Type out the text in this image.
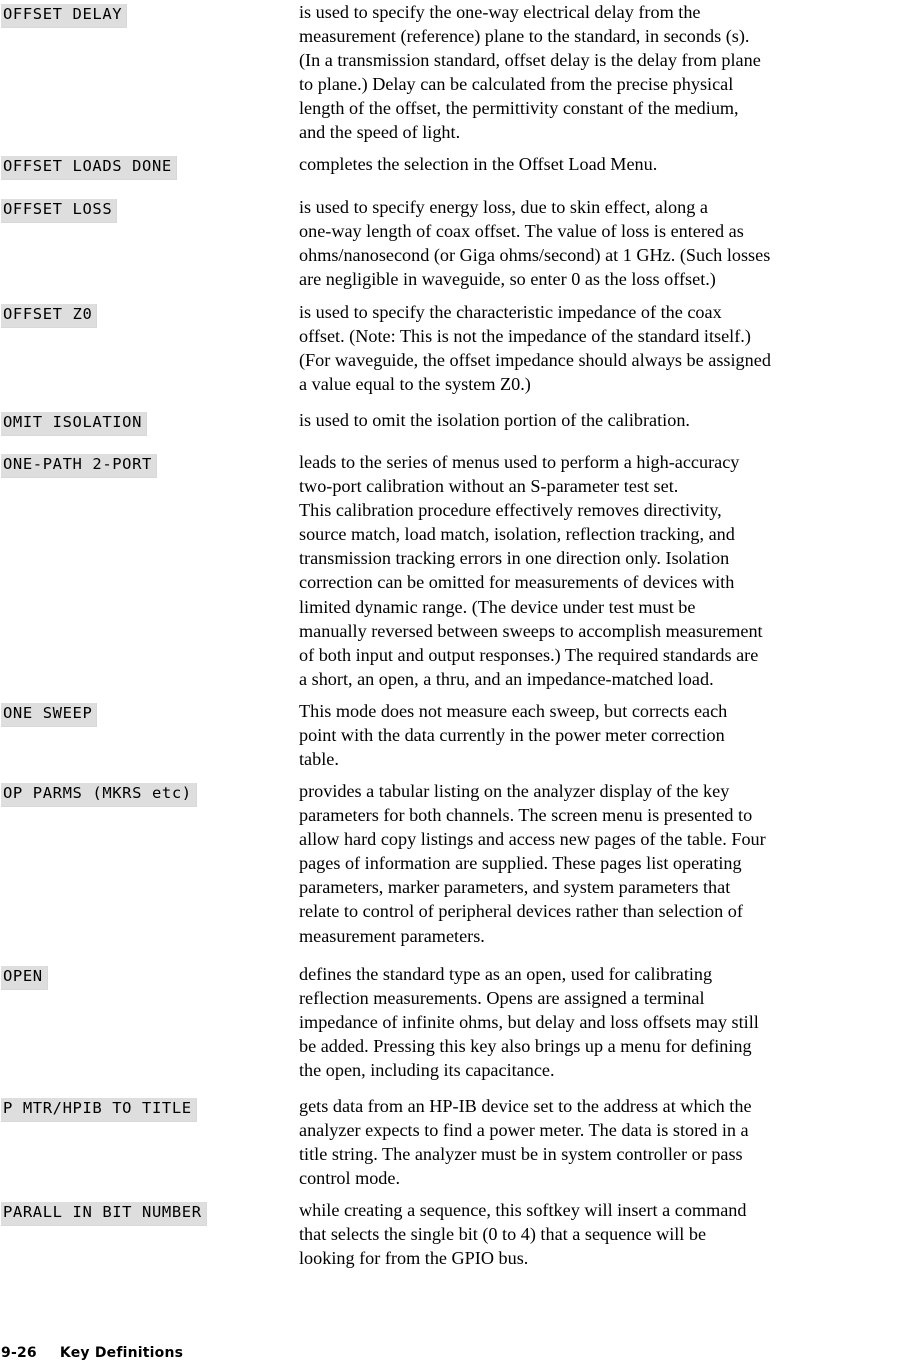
OFFSET DELAY	is used to specify the one-way electrical delay from the
measurement (reference) plane to the standard, in seconds (s).
(In a transmission standard, offset delay is the delay from plane
to plane.) Delay can be calculated from the precise physical
length of the offset, the permittivity constant of the medium,
and the speed of light.

OFFSET LOADS DONE	completes the selection in the Offset Load Menu.

OFFSET LOSS	is used to specify energy loss, due to skin effect, along a
one-way length of coax offset. The value of loss is entered as
ohms/nanosecond (or Giga ohms/second) at 1 GHz. (Such losses
are negligible in waveguide, so enter 0 as the loss offset.)

OFFSET Z0	is used to specify the characteristic impedance of the coax
offset. (Note: This is not the impedance of the standard itself.)
(For waveguide, the offset impedance should always be assigned
a value equal to the system Z0.)

OMIT ISOLATION	is used to omit the isolation portion of the calibration.

ONE-PATH 2-PORT	leads to the series of menus used to perform a high-accuracy
two-port calibration without an S-parameter test set.
This calibration procedure effectively removes directivity,
source match, load match, isolation, reflection tracking, and
transmission tracking errors in one direction only. Isolation
correction can be omitted for measurements of devices with
limited dynamic range. (The device under test must be
manually reversed between sweeps to accomplish measurement
of both input and output responses.) The required standards are
a short, an open, a thru, and an impedance-matched load.

ONE SWEEP	This mode does not measure each sweep, but corrects each
point with the data currently in the power meter correction
table.

OP PARMS (MKRS etc)	provides a tabular listing on the analyzer display of the key
parameters for both channels. The screen menu is presented to
allow hard copy listings and access new pages of the table. Four
pages of information are supplied. These pages list operating
parameters, marker parameters, and system parameters that
relate to control of peripheral devices rather than selection of
measurement parameters.

OPEN	defines the standard type as an open, used for calibrating
reflection measurements. Opens are assigned a terminal
impedance of infinite ohms, but delay and loss offsets may still
be added. Pressing this key also brings up a menu for defining
the open, including its capacitance.

P MTR/HPIB TO TITLE	gets data from an HP-IB device set to the address at which the
analyzer expects to find a power meter. The data is stored in a
title string. The analyzer must be in system controller or pass
control mode.

PARALL IN BIT NUMBER	while creating a sequence, this softkey will insert a command
that selects the single bit (0 to 4) that a sequence will be
looking for from the GPIO bus.

9-26 Key Definitions
